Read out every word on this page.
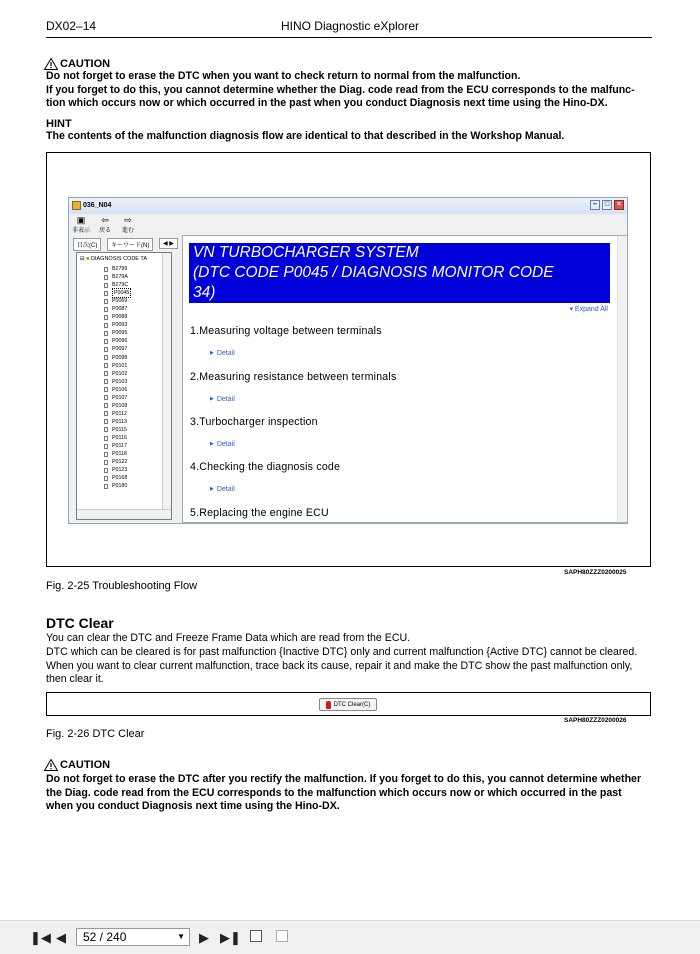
DX02–14	HINO Diagnostic eXplorer
CAUTION
Do not forget to erase the DTC when you want to check return to normal from the malfunction.
If you forget to do this, you cannot determine whether the Diag. code read from the ECU corresponds to the malfunc-
tion which occurs now or which occurred in the past when you conduct Diagnosis next time using the Hino-DX.
HINT
The contents of the malfunction diagnosis flow are identical to that described in the Workshop Manual.
036_N04	–	□	×
▣
非表示
⇦
戻る
⇨
進む
目次(C)	キーワード(N)	◀ ▶
⊟ ■ DIAGNOSIS CODE TA
B2799
B279A
B279C
P0045
P0069
P0087
P0088
P0093
P0095
P0096
P0097
P0098
P0101
P0102
P0103
P0106
P0107
P0108
P0112
P0113
P0115
P0116
P0117
P0118
P0122
P0123
P0168
P0180
VN TURBOCHARGER SYSTEM
(DTC CODE P0045 / DIAGNOSIS MONITOR CODE
34)
▾ Expand All
1.Measuring voltage between terminals
▶ Detail
2.Measuring resistance between terminals
▶ Detail
3.Turbocharger inspection
▶ Detail
4.Checking the diagnosis code
▶ Detail
5.Replacing the engine ECU
SAPH80ZZZ0200025
Fig. 2-25 Troubleshooting Flow
DTC Clear
You can clear the DTC and Freeze Frame Data which are read from the ECU.
DTC which can be cleared is for past malfunction {Inactive DTC} only and current malfunction {Active DTC} cannot be cleared.
When you want to clear current malfunction, trace back its cause, repair it and make the DTC show the past malfunction only,
then clear it.
DTC Clear(C)
SAPH80ZZZ0200026
Fig. 2-26 DTC Clear
CAUTION
Do not forget to erase the DTC after you rectify the malfunction. If you forget to do this, you cannot determine whether
the Diag. code read from the ECU corresponds to the malfunction which occurs now or which occurred in the past
when you conduct Diagnosis next time using the Hino-DX.
❚◀ ◀	52 / 240	▼ ▶ ▶❚
